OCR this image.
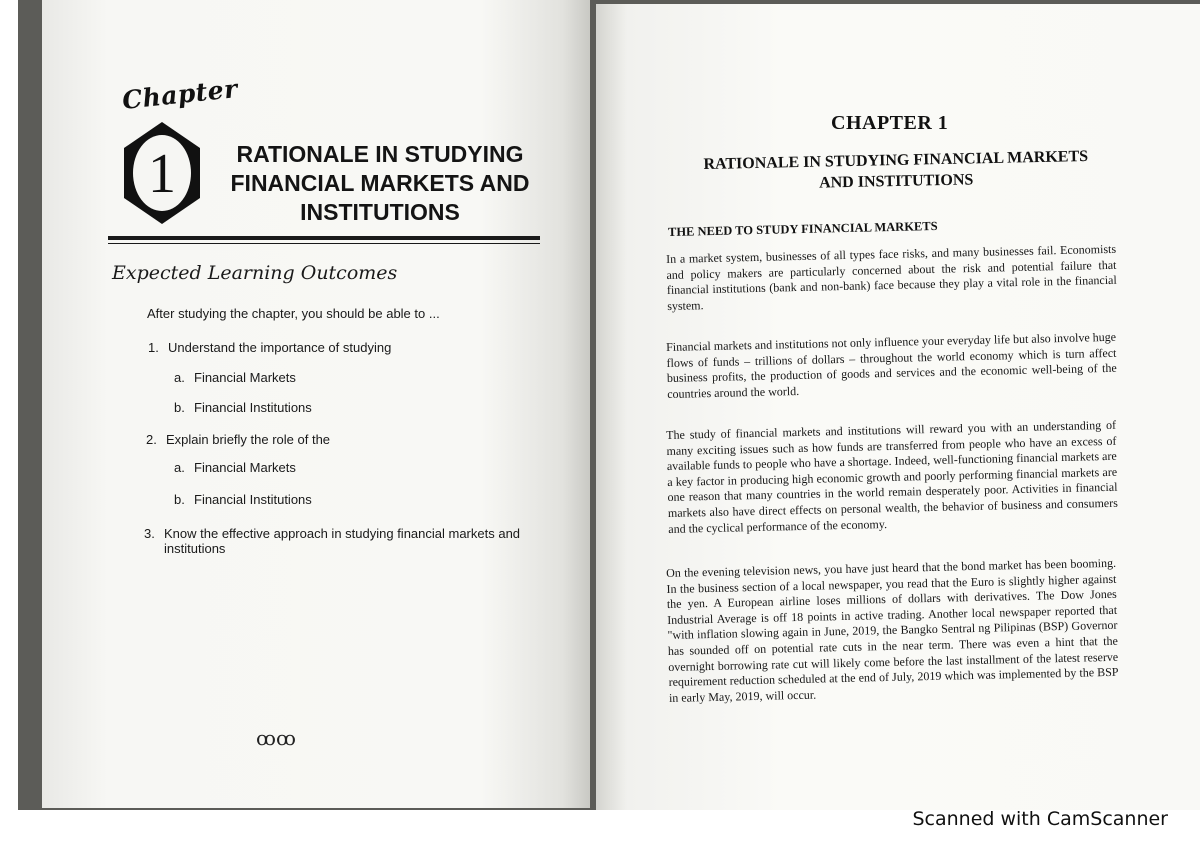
Chapter
1	RATIONALE IN STUDYING
FINANCIAL MARKETS AND
INSTITUTIONS
Expected Learning Outcomes
After studying the chapter, you should be able to ...
1. Understand the importance of studying
a. Financial Markets
b. Financial Institutions
2. Explain briefly the role of the
a. Financial Markets
b. Financial Institutions
3. Know the effective approach in studying financial markets and
institutions
ꝏꝏ
CHAPTER 1
RATIONALE IN STUDYING FINANCIAL MARKETS
AND INSTITUTIONS
THE NEED TO STUDY FINANCIAL MARKETS
In a market system, businesses of all types face risks, and many businesses fail. Economists and policy makers are particularly concerned about the risk and potential failure that financial institutions (bank and non-bank) face because they play a vital role in the financial system.
Financial markets and institutions not only influence your everyday life but also involve huge flows of funds – trillions of dollars – throughout the world economy which is turn affect business profits, the production of goods and services and the economic well-being of the countries around the world.
The study of financial markets and institutions will reward you with an understanding of many exciting issues such as how funds are transferred from people who have an excess of available funds to people who have a shortage. Indeed, well-functioning financial markets are a key factor in producing high economic growth and poorly performing financial markets are one reason that many countries in the world remain desperately poor. Activities in financial markets also have direct effects on personal wealth, the behavior of business and consumers and the cyclical performance of the economy.
On the evening television news, you have just heard that the bond market has been booming. In the business section of a local newspaper, you read that the Euro is slightly higher against the yen. A European airline loses millions of dollars with derivatives. The Dow Jones Industrial Average is off 18 points in active trading. Another local newspaper reported that "with inflation slowing again in June, 2019, the Bangko Sentral ng Pilipinas (BSP) Governor has sounded off on potential rate cuts in the near term. There was even a hint that the overnight borrowing rate cut will likely come before the last installment of the latest reserve requirement reduction scheduled at the end of July, 2019 which was implemented by the BSP in early May, 2019, will occur.
Scanned with CamScanner
